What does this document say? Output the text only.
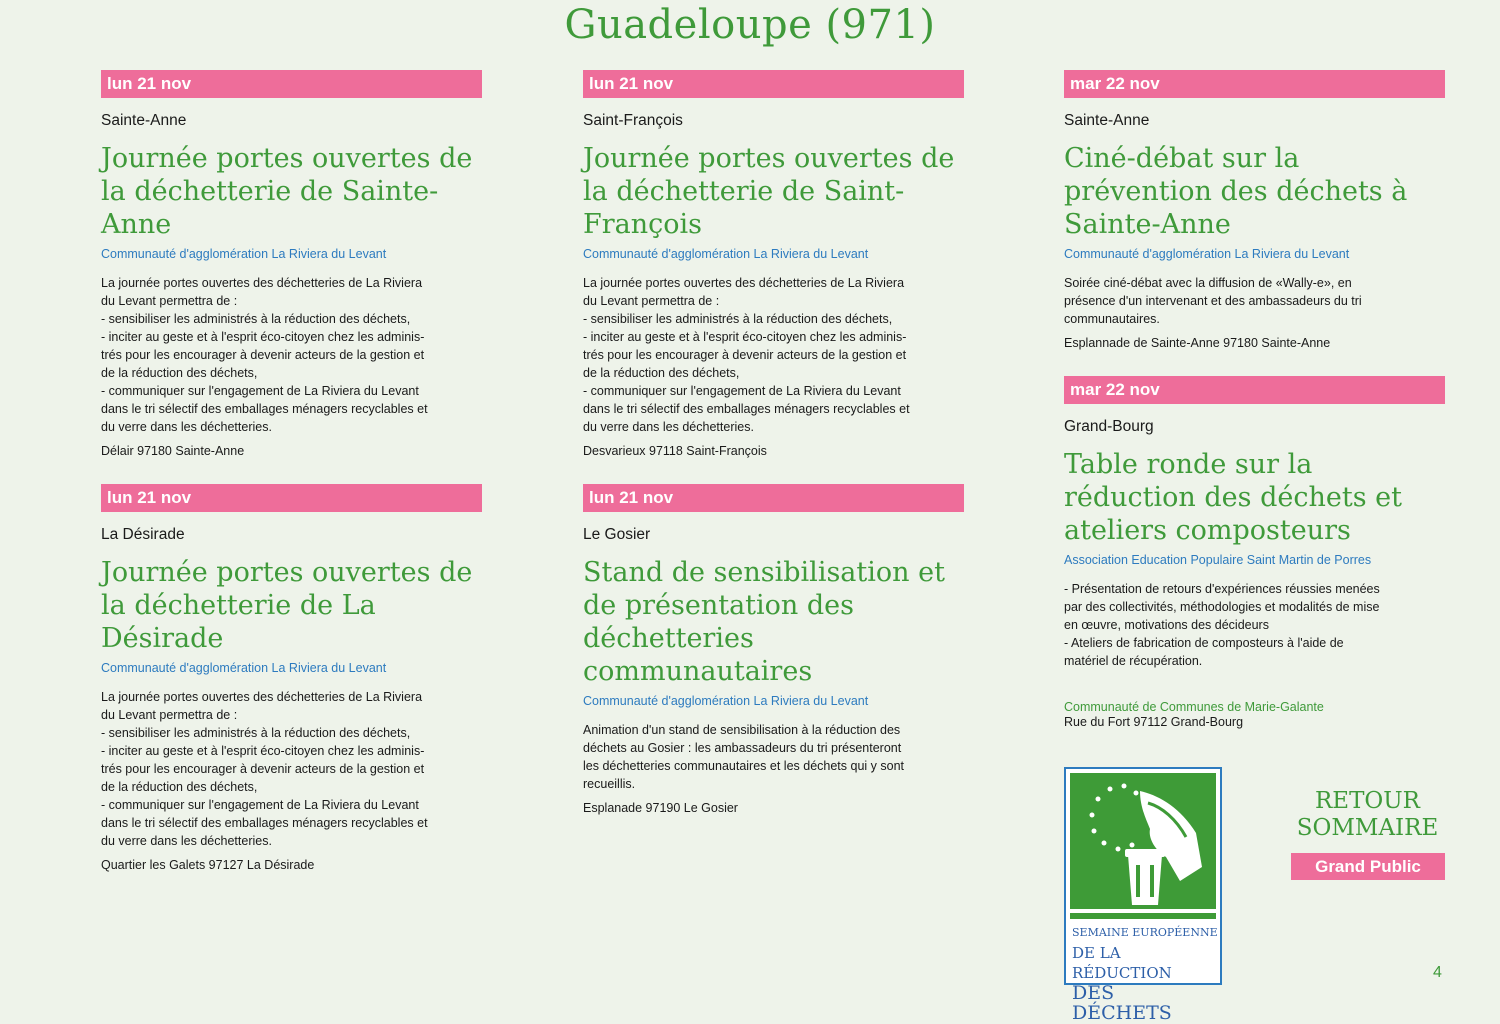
Guadeloupe (971)
lun 21 nov
Sainte-Anne
Journée portes ouvertes de la déchetterie de Sainte-Anne
Communauté d'agglomération La Riviera du Levant
La journée portes ouvertes des déchetteries de La Riviera
du Levant permettra de :
- sensibiliser les administrés à la réduction des déchets,
- inciter au geste et à l'esprit éco-citoyen chez les adminis-
trés pour les encourager à devenir acteurs de la gestion et
de la réduction des déchets,
- communiquer sur l'engagement de La Riviera du Levant
dans le tri sélectif des emballages ménagers recyclables et
du verre dans les déchetteries.
Délair 97180 Sainte-Anne
lun 21 nov
La Désirade
Journée portes ouvertes de la déchetterie de La Désirade
Communauté d'agglomération La Riviera du Levant
La journée portes ouvertes des déchetteries de La Riviera
du Levant permettra de :
- sensibiliser les administrés à la réduction des déchets,
- inciter au geste et à l'esprit éco-citoyen chez les adminis-
trés pour les encourager à devenir acteurs de la gestion et
de la réduction des déchets,
- communiquer sur l'engagement de La Riviera du Levant
dans le tri sélectif des emballages ménagers recyclables et
du verre dans les déchetteries.
Quartier les Galets 97127 La Désirade
lun 21 nov
Saint-François
Journée portes ouvertes de la déchetterie de Saint-François
Communauté d'agglomération La Riviera du Levant
La journée portes ouvertes des déchetteries de La Riviera
du Levant permettra de :
- sensibiliser les administrés à la réduction des déchets,
- inciter au geste et à l'esprit éco-citoyen chez les adminis-
trés pour les encourager à devenir acteurs de la gestion et
de la réduction des déchets,
- communiquer sur l'engagement de La Riviera du Levant
dans le tri sélectif des emballages ménagers recyclables et
du verre dans les déchetteries.
Desvarieux 97118 Saint-François
lun 21 nov
Le Gosier
Stand de sensibilisation et de présentation des déchetteries communautaires
Communauté d'agglomération La Riviera du Levant
Animation d'un stand de sensibilisation à la réduction des
déchets au Gosier : les ambassadeurs du tri présenteront
les déchetteries communautaires et les déchets qui y sont
recueillis.
Esplanade 97190 Le Gosier
mar 22 nov
Sainte-Anne
Ciné-débat sur la prévention des déchets à Sainte-Anne
Communauté d'agglomération La Riviera du Levant
Soirée ciné-débat avec la diffusion de «Wally-e», en
présence d'un intervenant et des ambassadeurs du tri
communautaires.
Esplannade de Sainte-Anne 97180 Sainte-Anne
mar 22 nov
Grand-Bourg
Table ronde sur la réduction des déchets et ateliers composteurs
Association Education Populaire Saint Martin de Porres
- Présentation de retours d'expériences réussies menées
par des collectivités, méthodologies et modalités de mise
en œuvre, motivations des décideurs
- Ateliers de fabrication de composteurs à l'aide de
matériel de récupération.
Communauté de Communes de Marie-Galante
Rue du Fort 97112 Grand-Bourg
SEMAINE EUROPÉENNE
DE LA RÉDUCTION
DES DÉCHETS
RETOUR
SOMMAIRE
Grand Public
4
